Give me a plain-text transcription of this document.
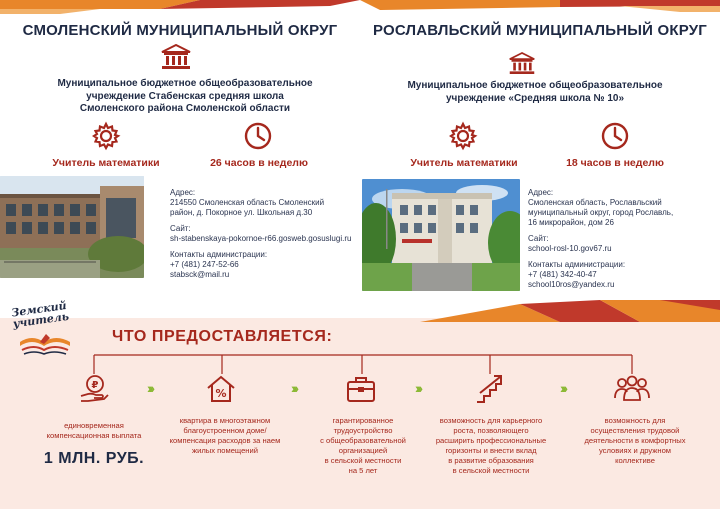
СМОЛЕНСКИЙ МУНИЦИПАЛЬНЫЙ ОКРУГ
Муниципальное бюджетное общеобразовательное
учреждение Стабенская средняя школа
Смоленского района Смоленской области
Учитель математики	26 часов в неделю
Адрес:
214550 Смоленская область Смоленский
район, д. Покорное ул. Школьная д.30
Сайт:
sh-stabenskaya-pokornoe-r66.gosweb.gosuslugi.ru
Контакты администрации:
+7 (481) 247-52-66
stabsck@mail.ru
РОСЛАВЛЬСКИЙ МУНИЦИПАЛЬНЫЙ ОКРУГ
Муниципальное бюджетное общеобразовательное
учреждение «Средняя школа № 10»
Учитель математики	18 часов в неделю
Адрес:
Смоленская область, Рославльский
муниципальный округ, город Рославль,
16 микрорайон, дом 26
Сайт:
school-rosl-10.gov67.ru
Контакты администрации:
+7 (481) 342-40-47
school10ros@yandex.ru
Земский учитель
ЧТО ПРЕДОСТАВЛЯЕТСЯ:
₽
%
›››	›››	›››	›››
единовременная
компенсационная выплата
1 МЛН. РУБ.
квартира в многоэтажном
благоустроенном доме/
компенсация расходов за наем
жилых помещений
гарантированное
трудоустройство
с общеобразовательной
организацией
в сельской местности
на 5 лет
возможность для карьерного
роста, позволяющего
расширить профессиональные
горизонты и внести вклад
в развитие образования
в сельской местности
возможность для
осуществления трудовой
деятельности в комфортных
условиях и дружном
коллективе
